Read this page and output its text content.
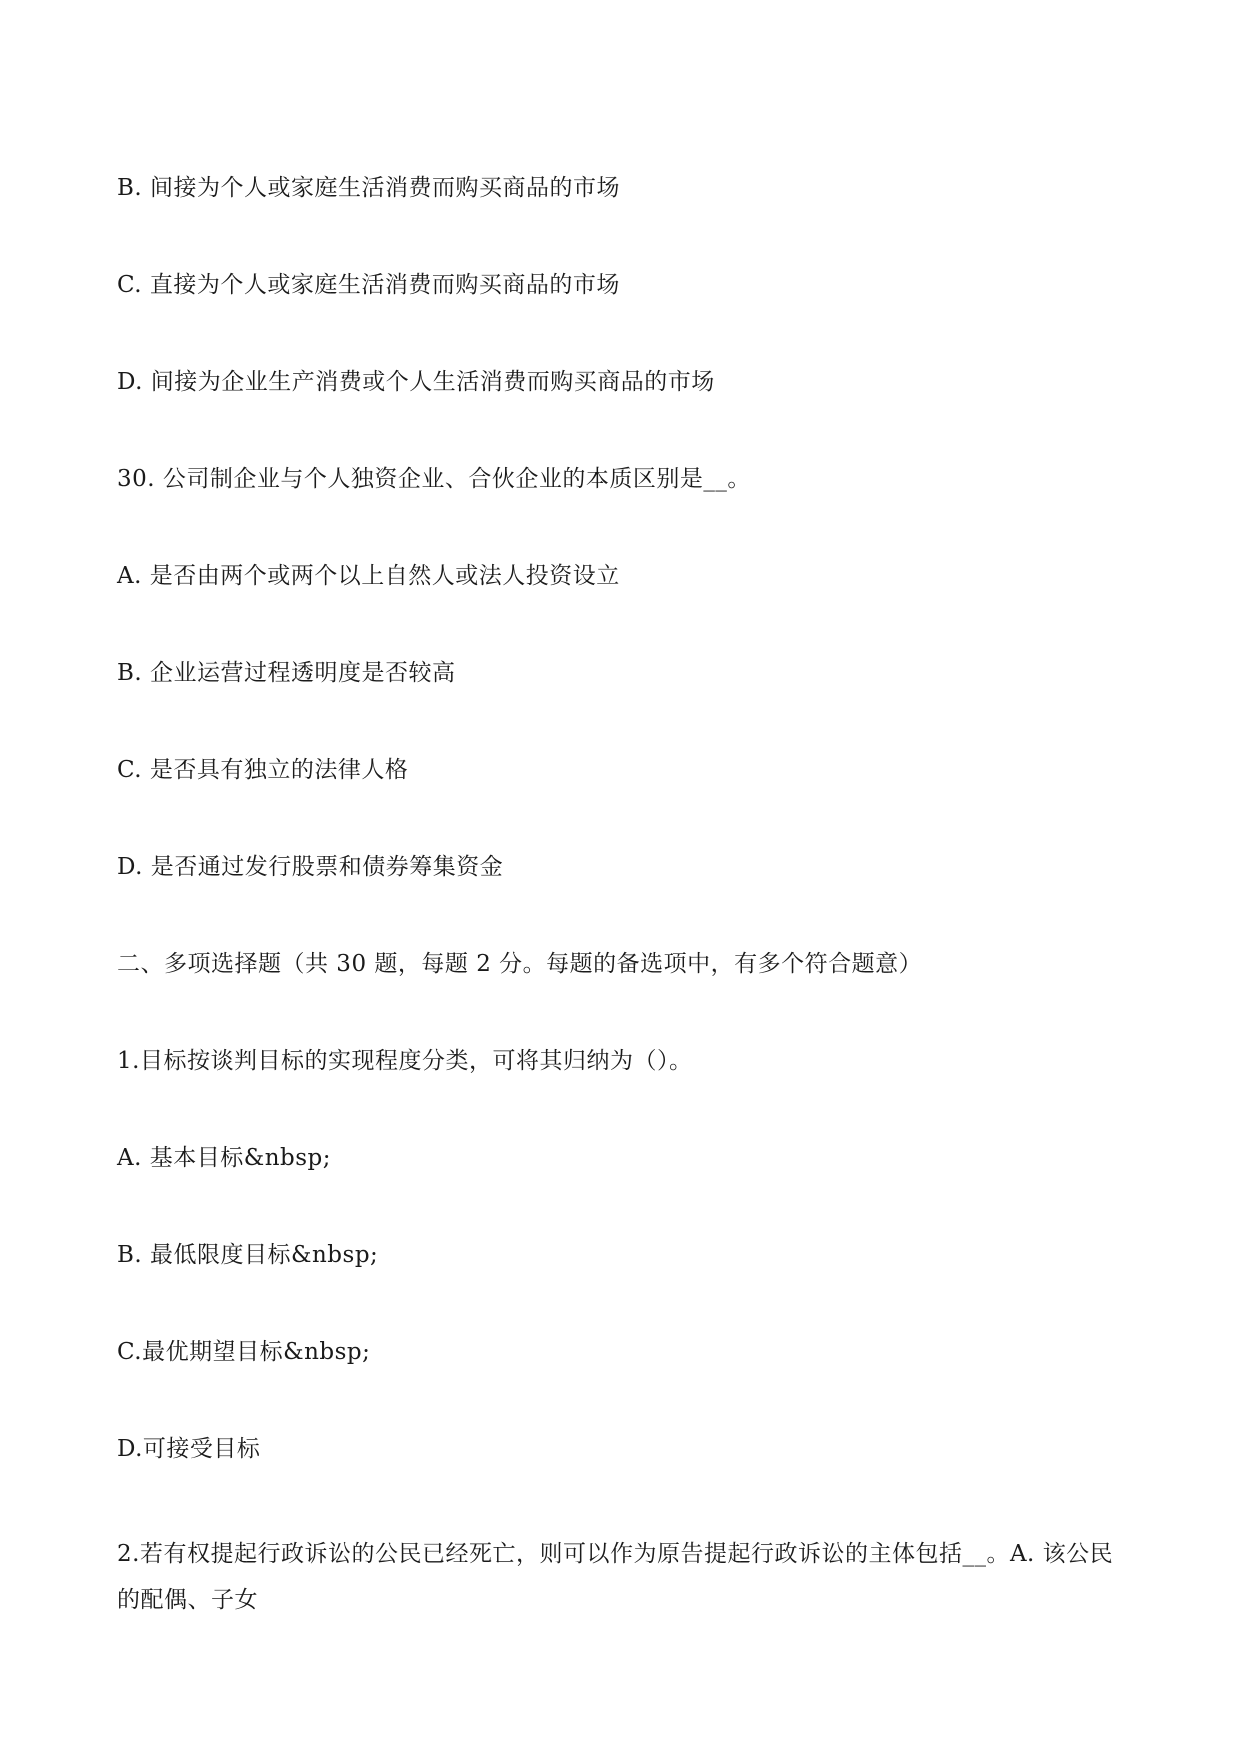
B. 间接为个人或家庭生活消费而购买商品的市场
C. 直接为个人或家庭生活消费而购买商品的市场
D. 间接为企业生产消费或个人生活消费而购买商品的市场
30. 公司制企业与个人独资企业、合伙企业的本质区别是__。
A. 是否由两个或两个以上自然人或法人投资设立
B. 企业运营过程透明度是否较高
C. 是否具有独立的法律人格
D. 是否通过发行股票和债券筹集资金
二、多项选择题（共 30 题，每题 2 分。每题的备选项中，有多个符合题意）
1.目标按谈判目标的实现程度分类，可将其归纳为（）。
A. 基本目标&nbsp;
B. 最低限度目标&nbsp;
C.最优期望目标&nbsp;
D.可接受目标
2.若有权提起行政诉讼的公民已经死亡，则可以作为原告提起行政诉讼的主体包括__。A. 该公民的配偶、子女
